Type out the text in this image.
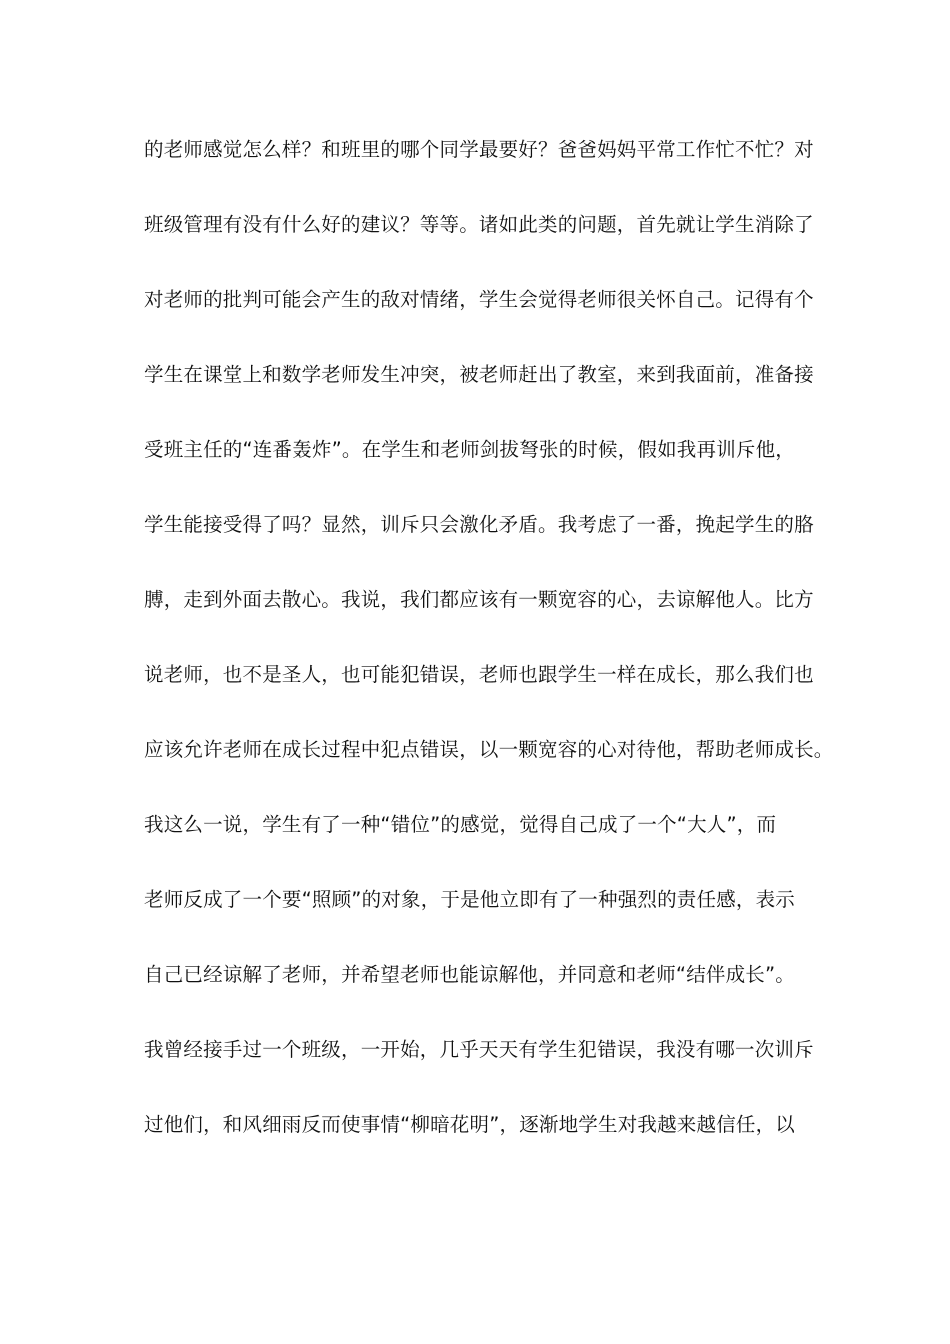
的老师感觉怎么样？和班里的哪个同学最要好？爸爸妈妈平常工作忙不忙？对
班级管理有没有什么好的建议？等等。诸如此类的问题，首先就让学生消除了
对老师的批判可能会产生的敌对情绪，学生会觉得老师很关怀自己。记得有个
学生在课堂上和数学老师发生冲突，被老师赶出了教室，来到我面前，准备接
受班主任的“连番轰炸”。在学生和老师剑拔弩张的时候，假如我再训斥他，
学生能接受得了吗？显然，训斥只会激化矛盾。我考虑了一番，挽起学生的胳
膊，走到外面去散心。我说，我们都应该有一颗宽容的心，去谅解他人。比方
说老师，也不是圣人，也可能犯错误，老师也跟学生一样在成长，那么我们也
应该允许老师在成长过程中犯点错误，以一颗宽容的心对待他，帮助老师成长。
我这么一说，学生有了一种“错位”的感觉，觉得自己成了一个“大人”，而
老师反成了一个要“照顾”的对象，于是他立即有了一种强烈的责任感，表示
自己已经谅解了老师，并希望老师也能谅解他，并同意和老师“结伴成长”。
我曾经接手过一个班级，一开始，几乎天天有学生犯错误，我没有哪一次训斥
过他们，和风细雨反而使事情“柳暗花明”，逐渐地学生对我越来越信任，以
